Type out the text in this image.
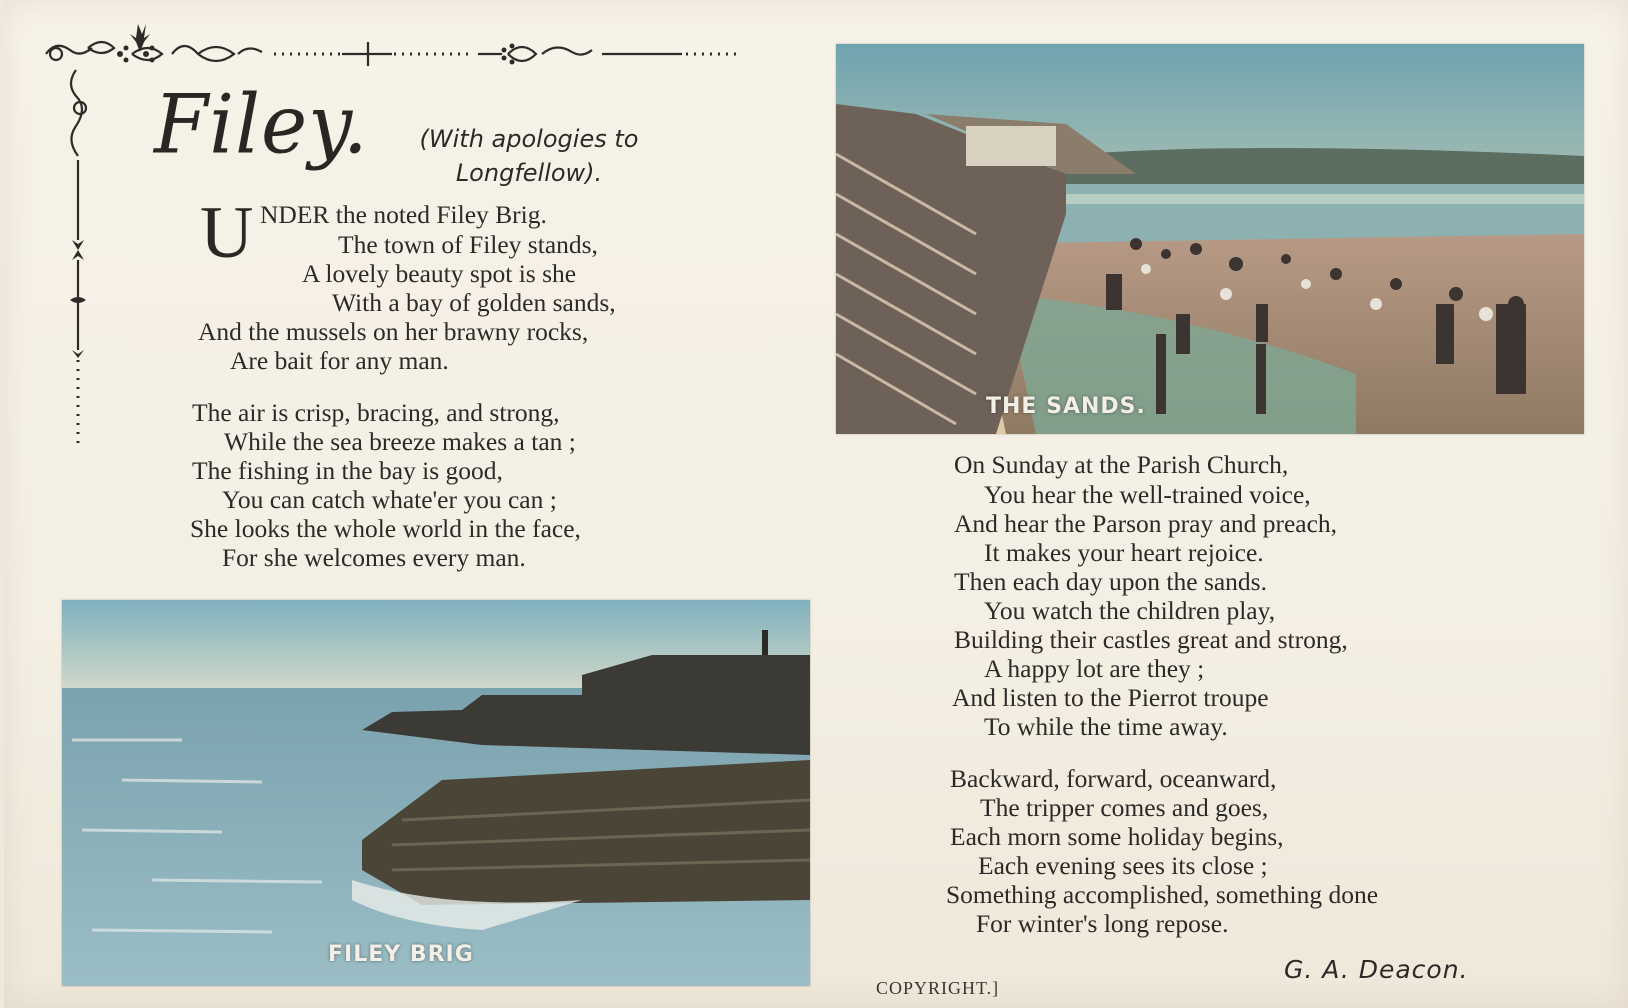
Filey.	(With apologies to Longfellow).
U

NDER the noted Filey Brig.

The town of Filey stands,

A lovely beauty spot is she

With a bay of golden sands,

And the mussels on her brawny rocks,

Are bait for any man.

The air is crisp, bracing, and strong,

While the sea breeze makes a tan ;

The fishing in the bay is good,

You can catch whate'er you can ;

She looks the whole world in the face,

For she welcomes every man.

THE SANDS.
FILEY BRIG

On Sunday at the Parish Church,

You hear the well-trained voice,

And hear the Parson pray and preach,

It makes your heart rejoice.

Then each day upon the sands.

You watch the children play,

Building their castles great and strong,

A happy lot are they ;

And listen to the Pierrot troupe

To while the time away.

Backward, forward, oceanward,

The tripper comes and goes,

Each morn some holiday begins,

Each evening sees its close ;

Something accomplished, something done

For winter's long repose.

G. A. Deacon.
COPYRIGHT.]
